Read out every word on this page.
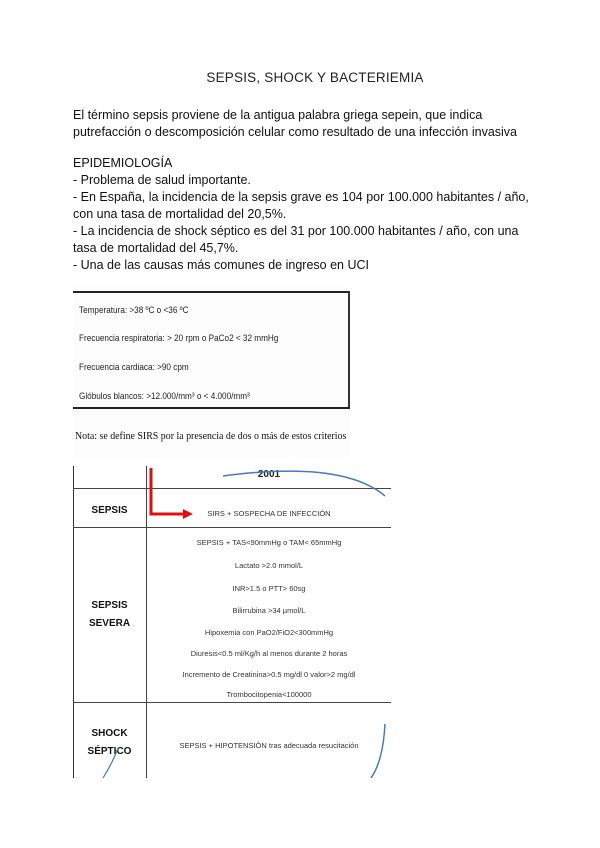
SEPSIS, SHOCK Y BACTERIEMIA
El término sepsis proviene de la antigua palabra griega sepein, que indica
putrefacción o descomposición celular como resultado de una infección invasiva
EPIDEMIOLOGÍA
- Problema de salud importante.
- En España, la incidencia de la sepsis grave es 104 por 100.000 habitantes / año,
con una tasa de mortalidad del 20,5%.
- La incidencia de shock séptico es del 31 por 100.000 habitantes / año, con una
tasa de mortalidad del 45,7%.
- Una de las causas más comunes de ingreso en UCI
Temperatura: >38 ºC o <36 ºC
Frecuencia respiratoria: > 20 rpm o PaCo2 < 32 mmHg
Frecuencia cardiaca: >90 cpm
Glóbulos blancos: >12.000/mm³ o < 4.000/mm³
Nota: se define SIRS por la presencia de dos o más de estos criterios
2001
SEPSIS	SIRS + SOSPECHA DE INFECCIÓN
SEPSIS
SEVERA
SEPSIS + TAS<90mmHg o TAM< 65mmHg
Lactato >2.0 mmol/L
INR>1.5 o PTT> 60sg
Bilirrubina >34 µmol/L
Hipoxemia con PaO2/FiO2<300mmHg
Diuresis<0.5 ml/Kg/h al menos durante 2 horas
Incremento de Creatinina>0.5 mg/dl 0 valor>2 mg/dl
Trombocitopenia<100000
SHOCK
SÉPTICO
SEPSIS + HIPOTENSIÓN tras adecuada resucitación
